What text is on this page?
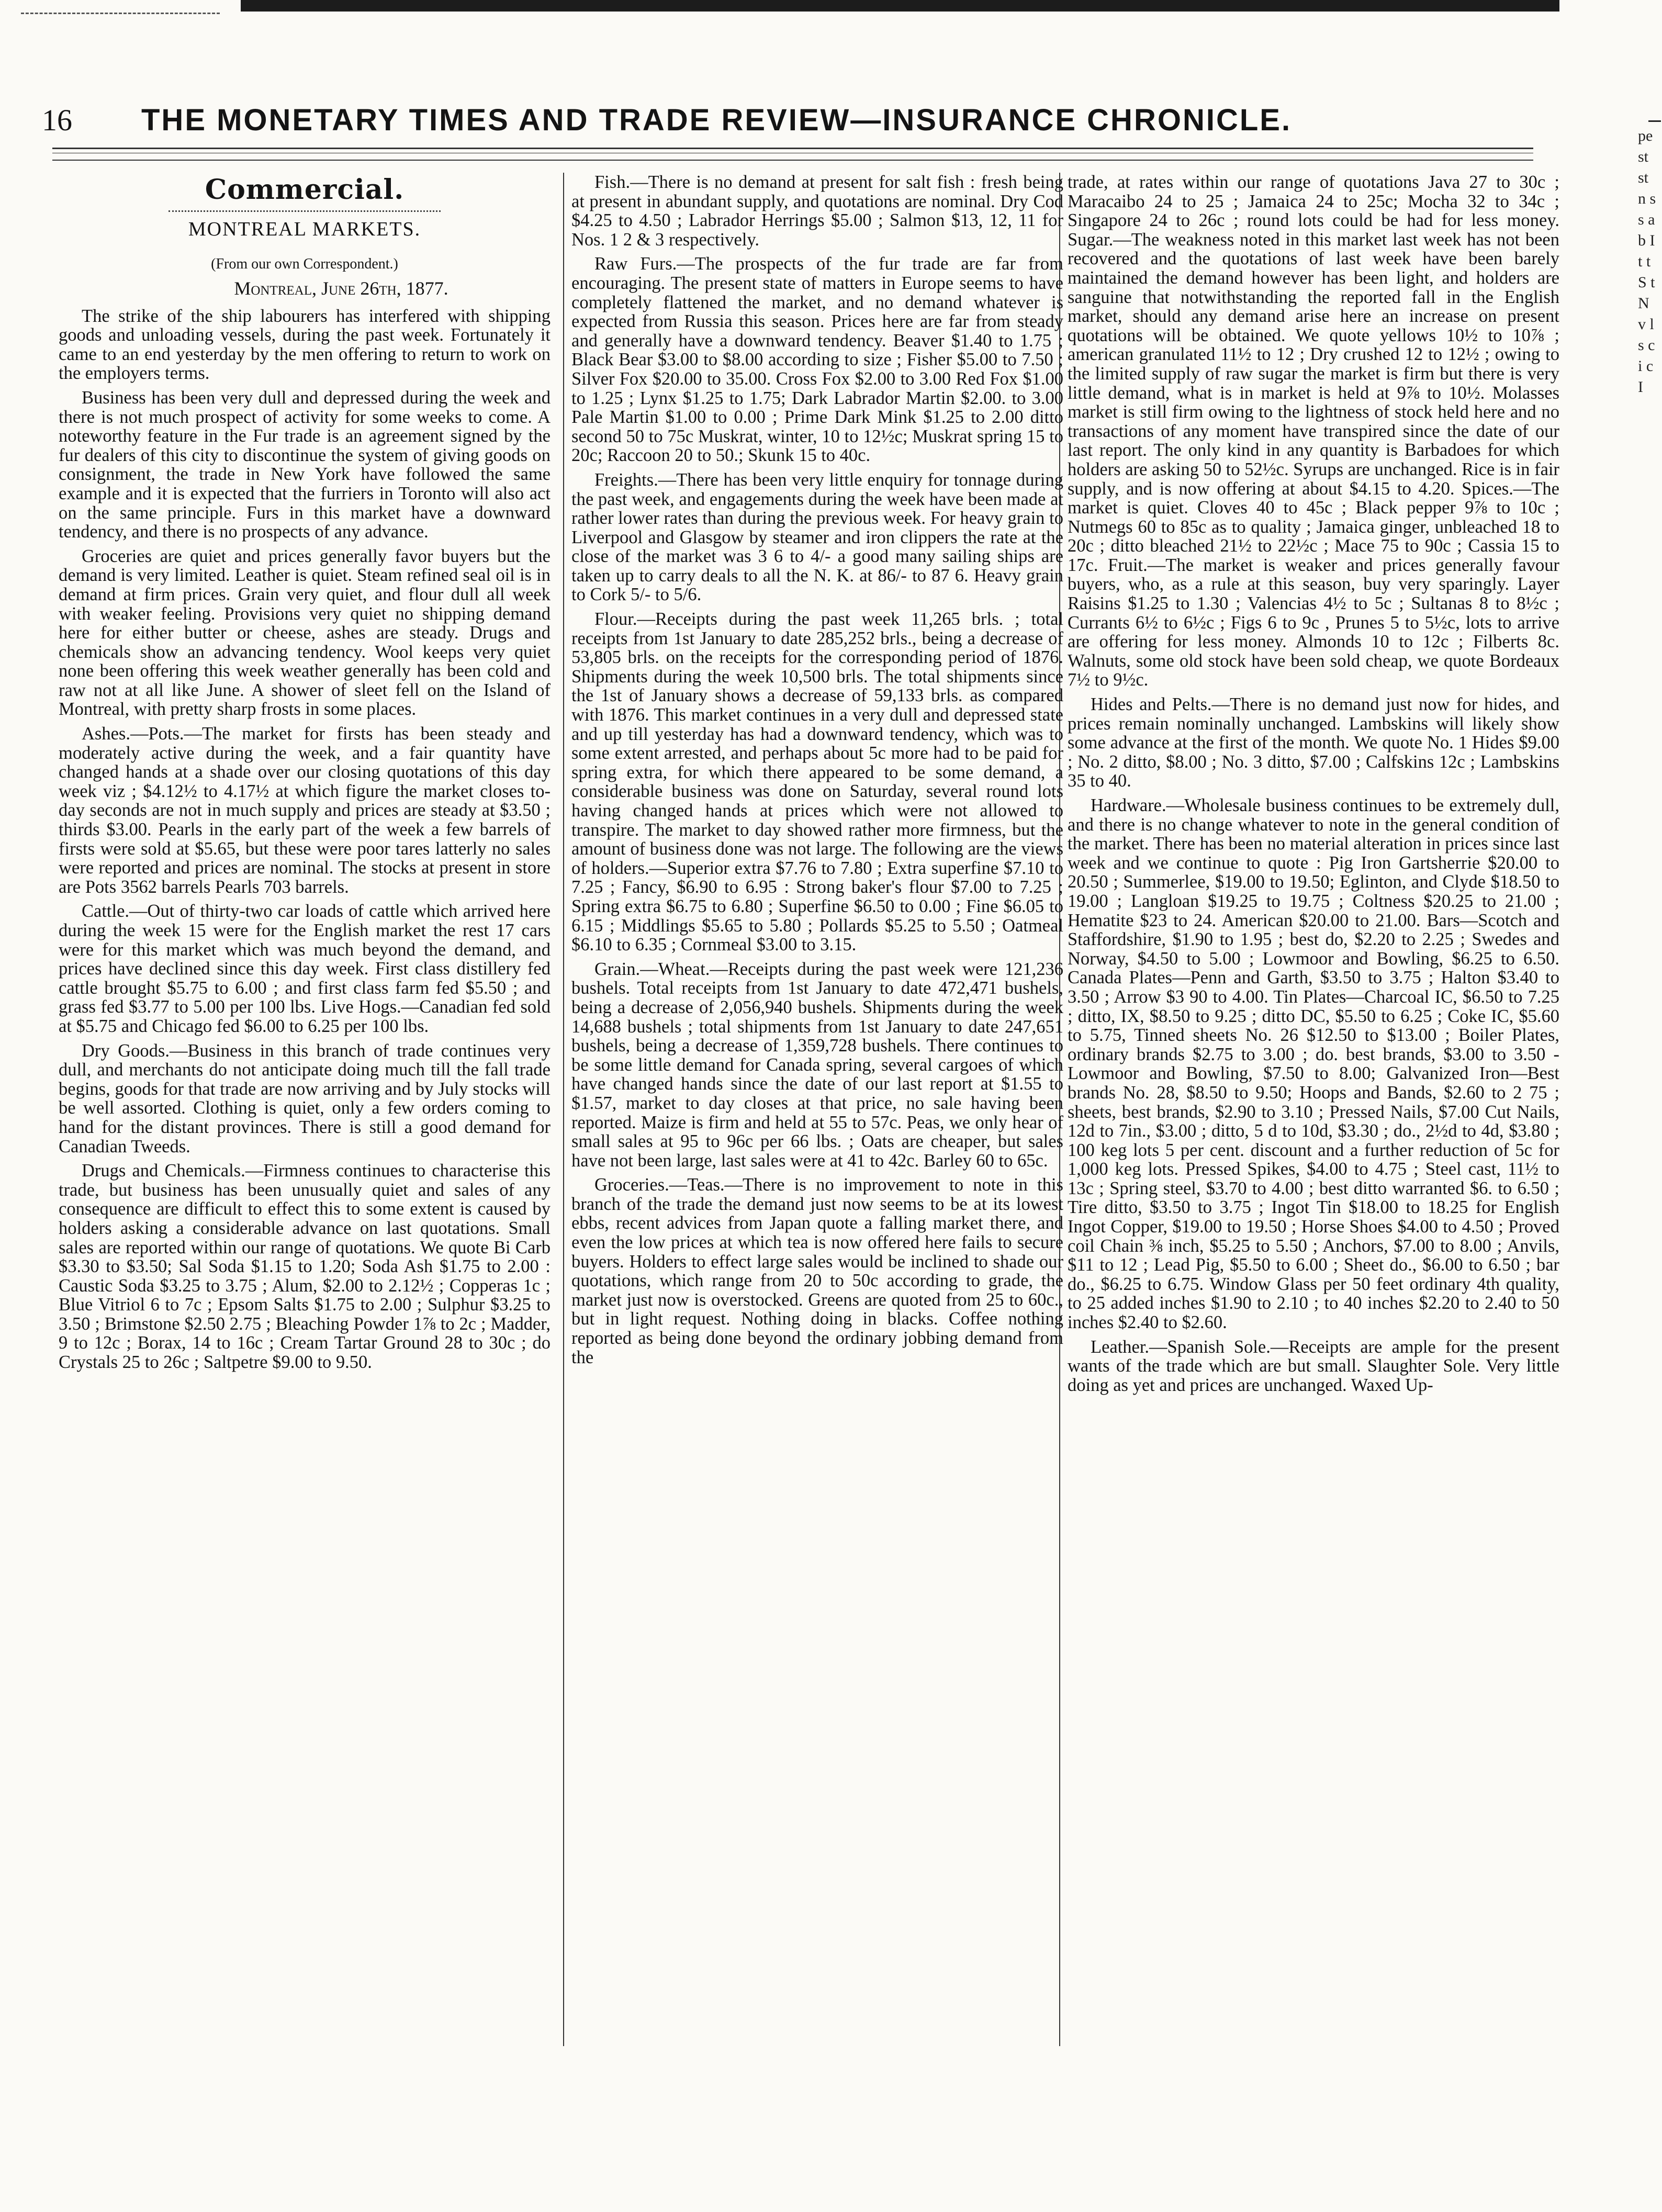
16 THE MONETARY TIMES AND TRADE REVIEW—INSURANCE CHRONICLE.
Commercial.
MONTREAL MARKETS.
(From our own Correspondent.)
Montreal, June 26th, 1877.

The strike of the ship labourers has interfered with shipping goods and unloading vessels, during the past week. Fortunately it came to an end yesterday by the men offering to return to work on the employers terms.

Business has been very dull and depressed during the week and there is not much prospect of activity for some weeks to come. A noteworthy feature in the Fur trade is an agreement signed by the fur dealers of this city to discontinue the system of giving goods on consignment, the trade in New York have followed the same example and it is expected that the furriers in Toronto will also act on the same principle. Furs in this market have a downward tendency, and there is no prospects of any advance.

Groceries are quiet and prices generally favor buyers but the demand is very limited. Leather is quiet. Steam refined seal oil is in demand at firm prices. Grain very quiet, and flour dull all week with weaker feeling. Provisions very quiet no shipping demand here for either butter or cheese, ashes are steady. Drugs and chemicals show an advancing tendency. Wool keeps very quiet none been offering this week weather generally has been cold and raw not at all like June. A shower of sleet fell on the Island of Montreal, with pretty sharp frosts in some places.

Ashes.—Pots.—The market for firsts has been steady and moderately active during the week, and a fair quantity have changed hands at a shade over our closing quotations of this day week viz ; $4.12½ to 4.17½ at which figure the market closes to-day seconds are not in much supply and prices are steady at $3.50 ; thirds $3.00. Pearls in the early part of the week a few barrels of firsts were sold at $5.65, but these were poor tares latterly no sales were reported and prices are nominal. The stocks at present in store are Pots 3562 barrels Pearls 703 barrels.

Cattle.—Out of thirty-two car loads of cattle which arrived here during the week 15 were for the English market the rest 17 cars were for this market which was much beyond the demand, and prices have declined since this day week. First class distillery fed cattle brought $5.75 to 6.00 ; and first class farm fed $5.50 ; and grass fed $3.77 to 5.00 per 100 lbs. Live Hogs.—Canadian fed sold at $5.75 and Chicago fed $6.00 to 6.25 per 100 lbs.

Dry Goods.—Business in this branch of trade continues very dull, and merchants do not anticipate doing much till the fall trade begins, goods for that trade are now arriving and by July stocks will be well assorted. Clothing is quiet, only a few orders coming to hand for the distant provinces. There is still a good demand for Canadian Tweeds.

Drugs and Chemicals.—Firmness continues to characterise this trade, but business has been unusually quiet and sales of any consequence are difficult to effect this to some extent is caused by holders asking a considerable advance on last quotations. Small sales are reported within our range of quotations. We quote Bi Carb $3.30 to $3.50; Sal Soda $1.15 to 1.20; Soda Ash $1.75 to 2.00 : Caustic Soda $3.25 to 3.75 ; Alum, $2.00 to 2.12½ ; Copperas 1c ; Blue Vitriol 6 to 7c ; Epsom Salts $1.75 to 2.00 ; Sulphur $3.25 to 3.50 ; Brimstone $2.50 2.75 ; Bleaching Powder 1⅞ to 2c ; Madder, 9 to 12c ; Borax, 14 to 16c ; Cream Tartar Ground 28 to 30c ; do Crystals 25 to 26c ; Saltpetre $9.00 to 9.50.

Fish.—There is no demand at present for salt fish : fresh being at present in abundant supply, and quotations are nominal. Dry Cod $4.25 to 4.50 ; Labrador Herrings $5.00 ; Salmon $13, 12, 11 for Nos. 1 2 & 3 respectively.

Raw Furs.—The prospects of the fur trade are far from encouraging. The present state of matters in Europe seems to have completely flattened the market, and no demand whatever is expected from Russia this season. Prices here are far from steady and generally have a downward tendency. Beaver $1.40 to 1.75 ; Black Bear $3.00 to $8.00 according to size ; Fisher $5.00 to 7.50 ; Silver Fox $20.00 to 35.00. Cross Fox $2.00 to 3.00 Red Fox $1.00 to 1.25 ; Lynx $1.25 to 1.75; Dark Labrador Martin $2.00. to 3.00 Pale Martin $1.00 to 0.00 ; Prime Dark Mink $1.25 to 2.00 ditto second 50 to 75c Muskrat, winter, 10 to 12½c; Muskrat spring 15 to 20c; Raccoon 20 to 50.; Skunk 15 to 40c.

Freights.—There has been very little enquiry for tonnage during the past week, and engagements during the week have been made at rather lower rates than during the previous week. For heavy grain to Liverpool and Glasgow by steamer and iron clippers the rate at the close of the market was 3 6 to 4/- a good many sailing ships are taken up to carry deals to all the N. K. at 86/- to 87 6. Heavy grain to Cork 5/- to 5/6.

Flour.—Receipts during the past week 11,265 brls. ; total receipts from 1st January to date 285,252 brls., being a decrease of 53,805 brls. on the receipts for the corresponding period of 1876. Shipments during the week 10,500 brls. The total shipments since the 1st of January shows a decrease of 59,133 brls. as compared with 1876. This market continues in a very dull and depressed state and up till yesterday has had a downward tendency, which was to some extent arrested, and perhaps about 5c more had to be paid for spring extra, for which there appeared to be some demand, a considerable business was done on Saturday, several round lots having changed hands at prices which were not allowed to transpire. The market to day showed rather more firmness, but the amount of business done was not large. The following are the views of holders.—Superior extra $7.76 to 7.80 ; Extra superfine $7.10 to 7.25 ; Fancy, $6.90 to 6.95 : Strong baker's flour $7.00 to 7.25 ; Spring extra $6.75 to 6.80 ; Superfine $6.50 to 0.00 ; Fine $6.05 to 6.15 ; Middlings $5.65 to 5.80 ; Pollards $5.25 to 5.50 ; Oatmeal $6.10 to 6.35 ; Cornmeal $3.00 to 3.15.

Grain.—Wheat.—Receipts during the past week were 121,236 bushels. Total receipts from 1st January to date 472,471 bushels, being a decrease of 2,056,940 bushels. Shipments during the week 14,688 bushels ; total shipments from 1st January to date 247,651 bushels, being a decrease of 1,359,728 bushels. There continues to be some little demand for Canada spring, several cargoes of which have changed hands since the date of our last report at $1.55 to $1.57, market to day closes at that price, no sale having been reported. Maize is firm and held at 55 to 57c. Peas, we only hear of small sales at 95 to 96c per 66 lbs. ; Oats are cheaper, but sales have not been large, last sales were at 41 to 42c. Barley 60 to 65c.

Groceries.—Teas.—There is no improvement to note in this branch of the trade the demand just now seems to be at its lowest ebbs, recent advices from Japan quote a falling market there, and even the low prices at which tea is now offered here fails to secure buyers. Holders to effect large sales would be inclined to shade our quotations, which range from 20 to 50c according to grade, the market just now is overstocked. Greens are quoted from 25 to 60c., but in light request. Nothing doing in blacks. Coffee nothing reported as being done beyond the ordinary jobbing demand from the

trade, at rates within our range of quotations Java 27 to 30c ; Maracaibo 24 to 25 ; Jamaica 24 to 25c; Mocha 32 to 34c ; Singapore 24 to 26c ; round lots could be had for less money. Sugar.—The weakness noted in this market last week has not been recovered and the quotations of last week have been barely maintained the demand however has been light, and holders are sanguine that notwithstanding the reported fall in the English market, should any demand arise here an increase on present quotations will be obtained. We quote yellows 10½ to 10⅞ ; american granulated 11½ to 12 ; Dry crushed 12 to 12½ ; owing to the limited supply of raw sugar the market is firm but there is very little demand, what is in market is held at 9⅞ to 10½. Molasses market is still firm owing to the lightness of stock held here and no transactions of any moment have transpired since the date of our last report. The only kind in any quantity is Barbadoes for which holders are asking 50 to 52½c. Syrups are unchanged. Rice is in fair supply, and is now offering at about $4.15 to 4.20. Spices.—The market is quiet. Cloves 40 to 45c ; Black pepper 9⅞ to 10c ; Nutmegs 60 to 85c as to quality ; Jamaica ginger, unbleached 18 to 20c ; ditto bleached 21½ to 22½c ; Mace 75 to 90c ; Cassia 15 to 17c. Fruit.—The market is weaker and prices generally favour buyers, who, as a rule at this season, buy very sparingly. Layer Raisins $1.25 to 1.30 ; Valencias 4½ to 5c ; Sultanas 8 to 8½c ; Currants 6½ to 6½c ; Figs 6 to 9c , Prunes 5 to 5½c, lots to arrive are offering for less money. Almonds 10 to 12c ; Filberts 8c. Walnuts, some old stock have been sold cheap, we quote Bordeaux 7½ to 9½c.

Hides and Pelts.—There is no demand just now for hides, and prices remain nominally unchanged. Lambskins will likely show some advance at the first of the month. We quote No. 1 Hides $9.00 ; No. 2 ditto, $8.00 ; No. 3 ditto, $7.00 ; Calfskins 12c ; Lambskins 35 to 40.

Hardware.—Wholesale business continues to be extremely dull, and there is no change whatever to note in the general condition of the market. There has been no material alteration in prices since last week and we continue to quote : Pig Iron Gartsherrie $20.00 to 20.50 ; Summerlee, $19.00 to 19.50; Eglinton, and Clyde $18.50 to 19.00 ; Langloan $19.25 to 19.75 ; Coltness $20.25 to 21.00 ; Hematite $23 to 24. American $20.00 to 21.00. Bars—Scotch and Staffordshire, $1.90 to 1.95 ; best do, $2.20 to 2.25 ; Swedes and Norway, $4.50 to 5.00 ; Lowmoor and Bowling, $6.25 to 6.50. Canada Plates—Penn and Garth, $3.50 to 3.75 ; Halton $3.40 to 3.50 ; Arrow $3 90 to 4.00. Tin Plates—Charcoal IC, $6.50 to 7.25 ; ditto, IX, $8.50 to 9.25 ; ditto DC, $5.50 to 6.25 ; Coke IC, $5.60 to 5.75, Tinned sheets No. 26 $12.50 to $13.00 ; Boiler Plates, ordinary brands $2.75 to 3.00 ; do. best brands, $3.00 to 3.50 - Lowmoor and Bowling, $7.50 to 8.00; Galvanized Iron—Best brands No. 28, $8.50 to 9.50; Hoops and Bands, $2.60 to 2 75 ; sheets, best brands, $2.90 to 3.10 ; Pressed Nails, $7.00 Cut Nails, 12d to 7in., $3.00 ; ditto, 5 d to 10d, $3.30 ; do., 2½d to 4d, $3.80 ; 100 keg lots 5 per cent. discount and a further reduction of 5c for 1,000 keg lots. Pressed Spikes, $4.00 to 4.75 ; Steel cast, 11½ to 13c ; Spring steel, $3.70 to 4.00 ; best ditto warranted $6. to 6.50 ; Tire ditto, $3.50 to 3.75 ; Ingot Tin $18.00 to 18.25 for English Ingot Copper, $19.00 to 19.50 ; Horse Shoes $4.00 to 4.50 ; Proved coil Chain ⅜ inch, $5.25 to 5.50 ; Anchors, $7.00 to 8.00 ; Anvils, $11 to 12 ; Lead Pig, $5.50 to 6.00 ; Sheet do., $6.00 to 6.50 ; bar do., $6.25 to 6.75. Window Glass per 50 feet ordinary 4th quality, to 25 added inches $1.90 to 2.10 ; to 40 inches $2.20 to 2.40 to 50 inches $2.40 to $2.60.

Leather.—Spanish Sole.—Receipts are ample for the present wants of the trade which are but small. Slaughter Sole. Very little doing as yet and prices are unchanged. Waxed Up-

pe st st n s s a b I t t S t N v l s c i c I
